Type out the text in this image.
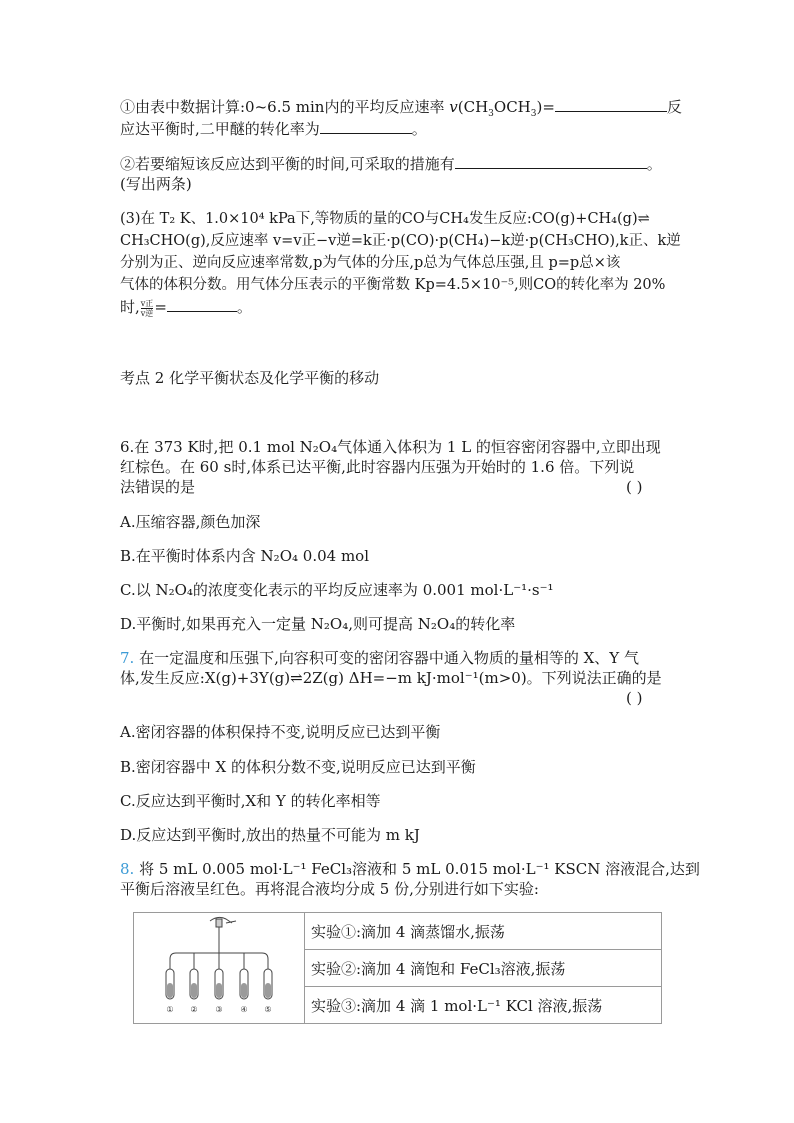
①由表中数据计算:0~6.5 min内的平均反应速率 $v(CH_3OCH_3)=$	反
应达平衡时,二甲醚的转化率为	。
②若要缩短该反应达到平衡的时间,可采取的措施有	。
(写出两条)
(3)在 T₂ K、1.0×10⁴ kPa下,等物质的量的CO与CH₄发生反应:CO(g)+CH₄(g)⇌
CH₃CHO(g),反应速率 v=v正−v逆=k正·p(CO)·p(CH₄)−k逆·p(CH₃CHO),k正、k逆
分别为正、逆向反应速率常数,p为气体的分压,p总为气体总压强,且 p=p总×该
气体的体积分数。用气体分压表示的平衡常数 Kp=4.5×10⁻⁵,则CO的转化率为 20%
时, v正
v逆 =	。
考点 2 化学平衡状态及化学平衡的移动
6.在 373 K时,把 0.1 mol N₂O₄气体通入体积为 1 L 的恒容密闭容器中,立即出现
红棕色。在 60 s时,体系已达平衡,此时容器内压强为开始时的 1.6 倍。下列说
法错误的是	( )
A.压缩容器,颜色加深
B.在平衡时体系内含 N₂O₄ 0.04 mol
C.以 N₂O₄的浓度变化表示的平均反应速率为 0.001 mol·L⁻¹·s⁻¹
D.平衡时,如果再充入一定量 N₂O₄,则可提高 N₂O₄的转化率
7. 在一定温度和压强下,向容积可变的密闭容器中通入物质的量相等的 X、Y 气
体,发生反应:X(g)+3Y(g)⇌2Z(g) ΔH=−m kJ·mol⁻¹(m>0)。下列说法正确的是
( )
A.密闭容器的体积保持不变,说明反应已达到平衡
B.密闭容器中 X 的体积分数不变,说明反应已达到平衡
C.反应达到平衡时,X和 Y 的转化率相等
D.反应达到平衡时,放出的热量不可能为 m kJ
8. 将 5 mL 0.005 mol·L⁻¹ FeCl₃溶液和 5 mL 0.015 mol·L⁻¹ KSCN 溶液混合,达到
平衡后溶液呈红色。再将混合液均分成 5 份,分别进行如下实验:
① ② ③ ④ ⑤
	实验①:滴加 4 滴蒸馏水,振荡
实验②:滴加 4 滴饱和 FeCl₃溶液,振荡
实验③:滴加 4 滴 1 mol·L⁻¹ KCl 溶液,振荡
